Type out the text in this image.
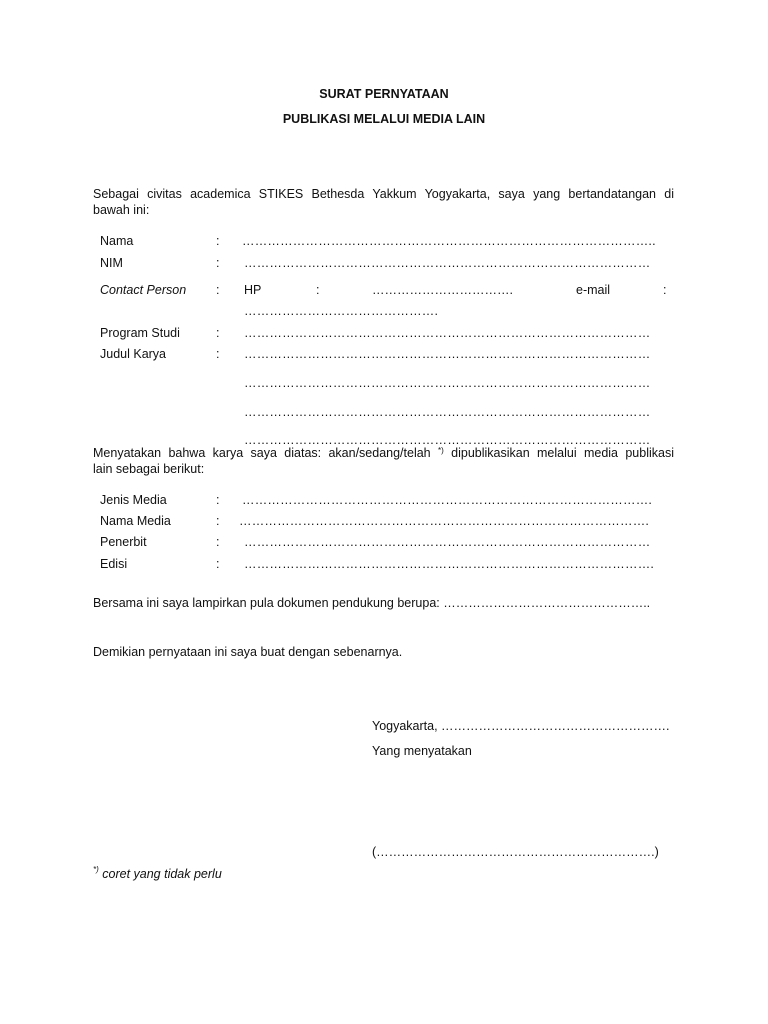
SURAT PERNYATAAN
PUBLIKASI MELALUI MEDIA LAIN
Sebagai civitas academica STIKES Bethesda Yakkum Yogyakarta, saya yang bertandatangan di
bawah ini:
Nama	: ……………………………………………………………………………………..
NIM	: ……………………………………………………………………………………
Contact Person : HP	:	…………………………….	e-mail	:
……………………………………….
Program Studi	: ……………………………………………………………………………………
Judul Karya	: ……………………………………………………………………………………
……………………………………………………………………………………
……………………………………………………………………………………
……………………………………………………………………………………
Menyatakan bahwa karya saya diatas: akan/sedang/telah *) dipublikasikan melalui media publikasi
lain sebagai berikut:
Jenis Media	: …………………………………………………………………………………….
Nama Media	: …………………………………………………………………………………….
Penerbit	: ……………………………………………………………………………………
Edisi	: …………………………………………………………………………………….
Bersama ini saya lampirkan pula dokumen pendukung berupa: …………………………………………..
Demikian pernyataan ini saya buat dengan sebenarnya.
Yogyakarta, ……………………………………………….
Yang menyatakan
(………………………………………………………….)
*) coret yang tidak perlu
